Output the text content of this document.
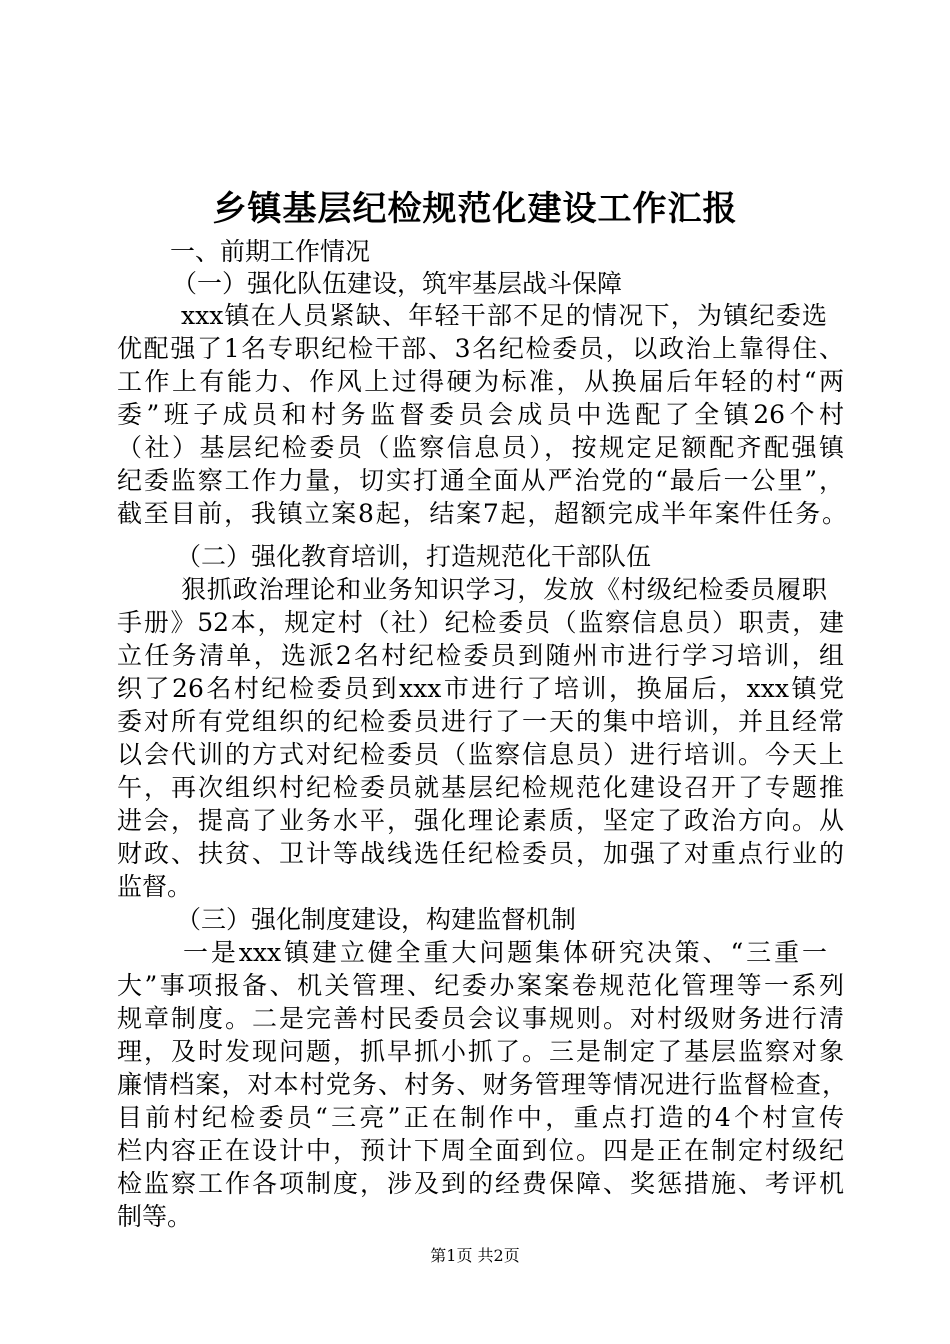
乡镇基层纪检规范化建设工作汇报
一、前期工作情况
（一）强化队伍建设，筑牢基层战斗保障
xxx镇在人员紧缺、年轻干部不足的情况下，为镇纪委选
优配强了1名专职纪检干部、3名纪检委员，以政治上靠得住、
工作上有能力、作风上过得硬为标准，从换届后年轻的村“两
委”班子成员和村务监督委员会成员中选配了全镇26个村
（社）基层纪检委员（监察信息员），按规定足额配齐配强镇
纪委监察工作力量，切实打通全面从严治党的“最后一公里”，
截至目前，我镇立案8起，结案7起，超额完成半年案件任务。
（二）强化教育培训，打造规范化干部队伍
狠抓政治理论和业务知识学习，发放《村级纪检委员履职
手册》52本，规定村（社）纪检委员（监察信息员）职责，建
立任务清单，选派2名村纪检委员到随州市进行学习培训，组
织了26名村纪检委员到xxx市进行了培训，换届后，xxx镇党
委对所有党组织的纪检委员进行了一天的集中培训，并且经常
以会代训的方式对纪检委员（监察信息员）进行培训。今天上
午，再次组织村纪检委员就基层纪检规范化建设召开了专题推
进会，提高了业务水平，强化理论素质，坚定了政治方向。从
财政、扶贫、卫计等战线选任纪检委员，加强了对重点行业的
监督。
（三）强化制度建设，构建监督机制
一是xxx镇建立健全重大问题集体研究决策、“三重一
大”事项报备、机关管理、纪委办案案卷规范化管理等一系列
规章制度。二是完善村民委员会议事规则。对村级财务进行清
理，及时发现问题，抓早抓小抓了。三是制定了基层监察对象
廉情档案，对本村党务、村务、财务管理等情况进行监督检查，
目前村纪检委员“三亮”正在制作中，重点打造的4个村宣传
栏内容正在设计中，预计下周全面到位。四是正在制定村级纪
检监察工作各项制度，涉及到的经费保障、奖惩措施、考评机
制等。
第1页 共2页
